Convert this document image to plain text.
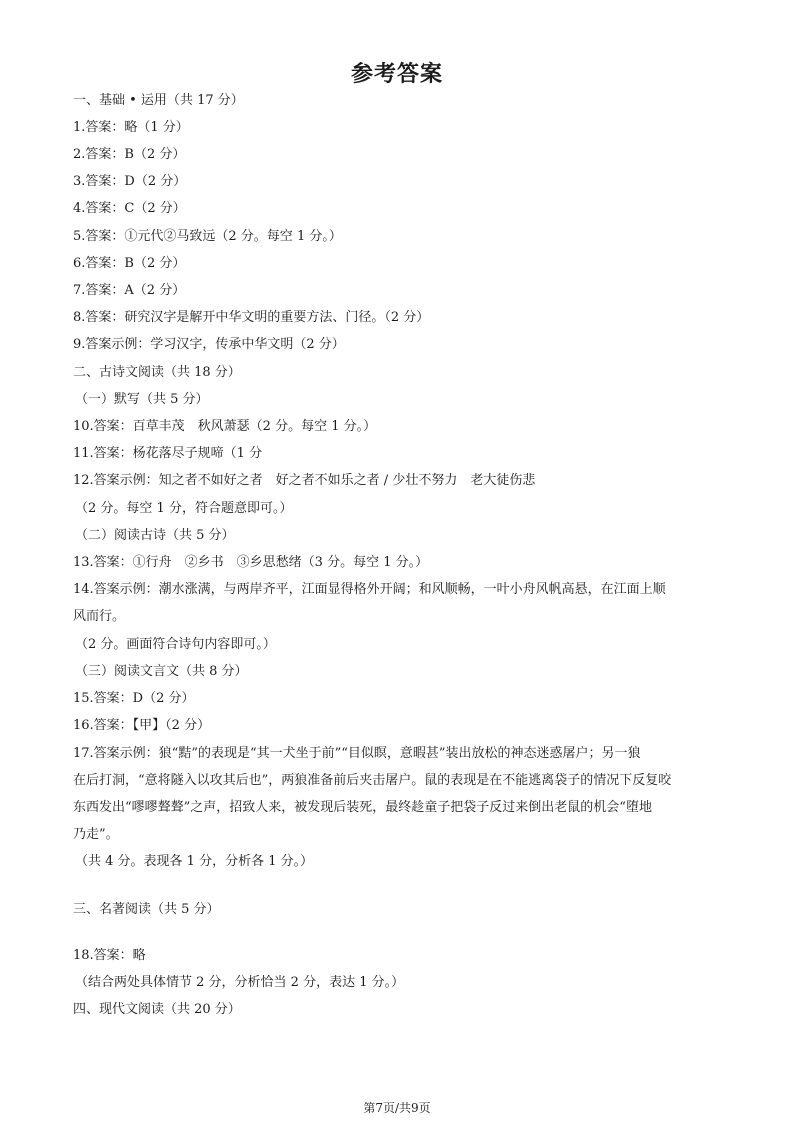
参考答案
一、基础 • 运用（共 17 分）
1.答案：略（1 分）
2.答案：B（2 分）
3.答案：D（2 分）
4.答案：C（2 分）
5.答案：①元代②马致远（2 分。每空 1 分。）
6.答案：B（2 分）
7.答案：A（2 分）
8.答案：研究汉字是解开中华文明的重要方法、门径。（2 分）
9.答案示例：学习汉字，传承中华文明（2 分）
二、古诗文阅读（共 18 分）
（一）默写（共 5 分）
10.答案：百草丰茂　秋风萧瑟（2 分。每空 1 分。）
11.答案：杨花落尽子规啼（1 分
12.答案示例：知之者不如好之者　好之者不如乐之者 / 少壮不努力　老大徒伤悲
（2 分。每空 1 分，符合题意即可。）
（二）阅读古诗（共 5 分）
13.答案：①行舟　②乡书　③乡思愁绪（3 分。每空 1 分。）
14.答案示例：潮水涨满，与两岸齐平，江面显得格外开阔；和风顺畅，一叶小舟风帆高悬，在江面上顺
风而行。
（2 分。画面符合诗句内容即可。）
（三）阅读文言文（共 8 分）
15.答案：D（2 分）
16.答案：【甲】（2 分）
17.答案示例：狼“黠”的表现是“其一犬坐于前”“目似瞑，意暇甚”装出放松的神态迷惑屠户；另一狼
在后打洞，“意将隧入以攻其后也”，两狼准备前后夹击屠户。鼠的表现是在不能逃离袋子的情况下反复咬
东西发出“嘐嘐聱聱”之声，招致人来，被发现后装死，最终趁童子把袋子反过来倒出老鼠的机会“堕地
乃走”。
（共 4 分。表现各 1 分，分析各 1 分。）
三、名著阅读（共 5 分）
18.答案：略
（结合两处具体情节 2 分，分析恰当 2 分，表达 1 分。）
四、现代文阅读（共 20 分）
第7页/共9页
